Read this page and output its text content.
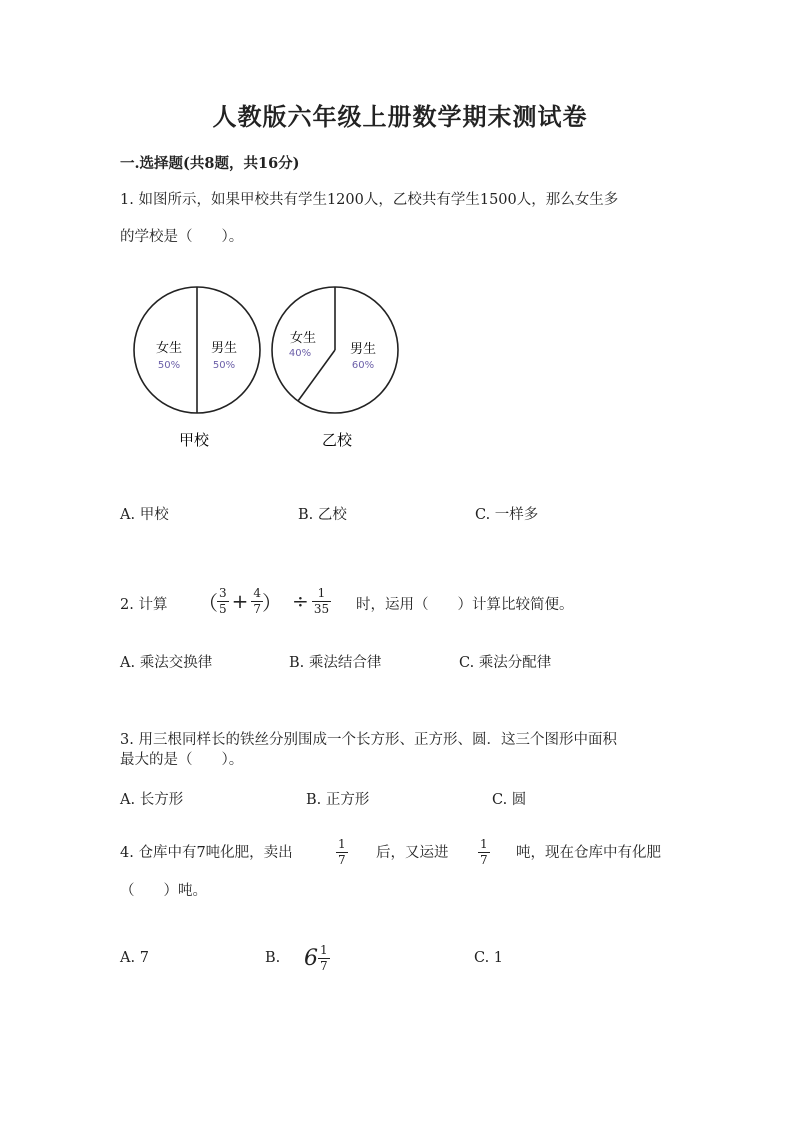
人教版六年级上册数学期末测试卷
一.选择题(共8题，共16分)
1. 如图所示，如果甲校共有学生1200人，乙校共有学生1500人，那么女生多
的学校是（　　）。
女生
50%
男生
50%
甲校
女生
40%	男生
60%
乙校
A. 甲校	B. 乙校	C. 一样多
2. 计算 （ $\frac{3}{5} + \frac{4}{7}$ ） ÷ $\frac{1}{35}$ 时，运用（　　）计算比较简便。
A. 乘法交换律	B. 乘法结合律	C. 乘法分配律
3. 用三根同样长的铁丝分别围成一个长方形、正方形、圆．这三个图形中面积
最大的是（　　）。
A. 长方形	B. 正方形	C. 圆
4. 仓库中有7吨化肥，卖出	$\frac{1}{7}$ 后，又运进	$\frac{1}{7}$ 吨，现在仓库中有化肥
（　　）吨。
A. 7	B. $6 \frac{1}{7}$	C. 1
